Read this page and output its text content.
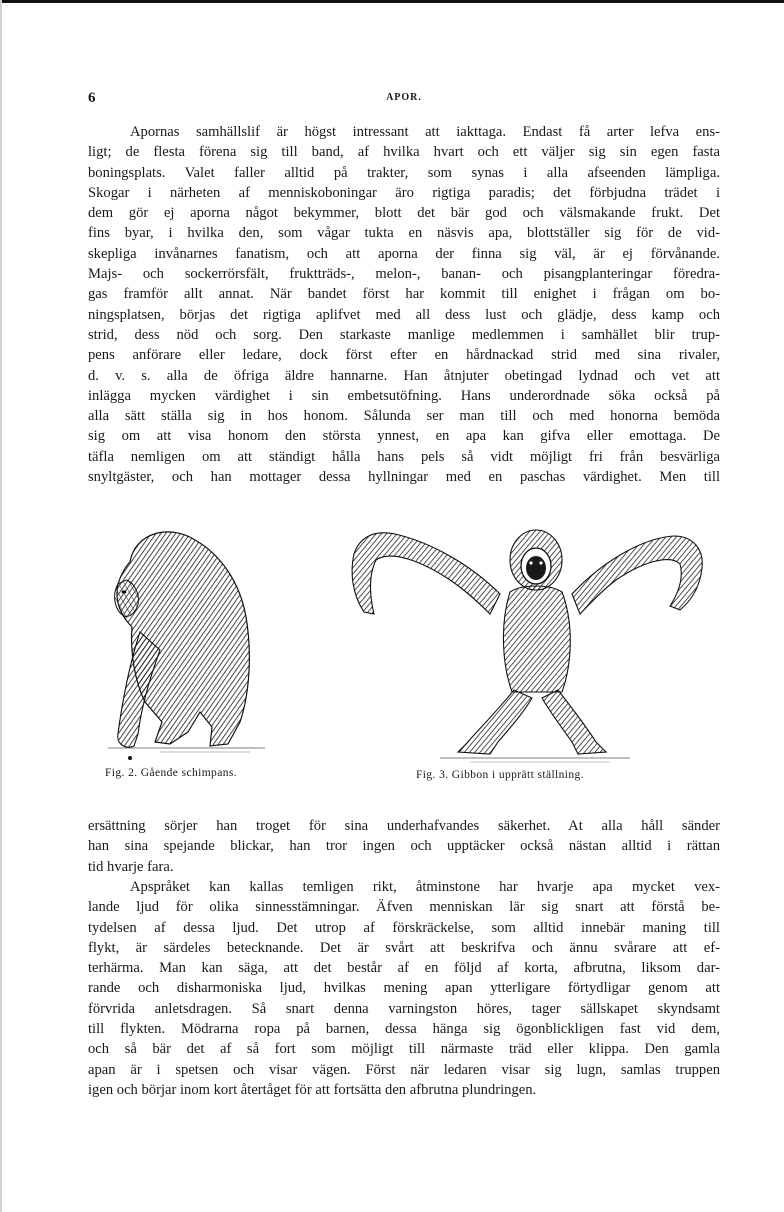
6	APOR.

Apornas samhällslif är högst intressant att iakttaga. Endast få arter lefva ens-
ligt; de flesta förena sig till band, af hvilka hvart och ett väljer sig sin egen fasta
boningsplats. Valet faller alltid på trakter, som synas i alla afseenden lämpliga.
Skogar i närheten af menniskoboningar äro rigtiga paradis; det förbjudna trädet i
dem gör ej aporna något bekymmer, blott det bär god och välsmakande frukt. Det
fins byar, i hvilka den, som vågar tukta en näsvis apa, blottställer sig för de vid-
skepliga invånarnes fanatism, och att aporna der finna sig väl, är ej förvånande.
Majs- och sockerrörsfält, fruktträds-, melon-, banan- och pisangplanteringar föredra-
gas framför allt annat. När bandet först har kommit till enighet i frågan om bo-
ningsplatsen, börjas det rigtiga aplifvet med all dess lust och glädje, dess kamp och
strid, dess nöd och sorg. Den starkaste manlige medlemmen i samhället blir trup-
pens anförare eller ledare, dock först efter en hårdnackad strid med sina rivaler,
d. v. s. alla de öfriga äldre hannarne. Han åtnjuter obetingad lydnad och vet att
inlägga mycken värdighet i sin embetsutöfning. Hans underordnade söka också på
alla sätt ställa sig in hos honom. Sålunda ser man till och med honorna bemöda
sig om att visa honom den största ynnest, en apa kan gifva eller emottaga. De
täfla nemligen om att ständigt hålla hans pels så vidt möjligt fri från besvärliga
snyltgäster, och han mottager dessa hyllningar med en paschas värdighet. Men till

Fig. 2. Gående schimpans.	Fig. 3. Gibbon i upprätt ställning.

ersättning sörjer han troget för sina underhafvandes säkerhet. At alla håll sänder
han sina spejande blickar, han tror ingen och upptäcker också nästan alltid i rättan
tid hvarje fara.

Apspråket kan kallas temligen rikt, åtminstone har hvarje apa mycket vex-
lande ljud för olika sinnesstämningar. Äfven menniskan lär sig snart att förstå be-
tydelsen af dessa ljud. Det utrop af förskräckelse, som alltid innebär maning till
flykt, är särdeles betecknande. Det är svårt att beskrifva och ännu svårare att ef-
terhärma. Man kan säga, att det består af en följd af korta, afbrutna, liksom dar-
rande och disharmoniska ljud, hvilkas mening apan ytterligare förtydligar genom att
förvrida anletsdragen. Så snart denna varningston höres, tager sällskapet skyndsamt
till flykten. Mödrarna ropa på barnen, dessa hänga sig ögonblickligen fast vid dem,
och så bär det af så fort som möjligt till närmaste träd eller klippa. Den gamla
apan är i spetsen och visar vägen. Först när ledaren visar sig lugn, samlas truppen
igen och börjar inom kort återtåget för att fortsätta den afbrutna plundringen.
